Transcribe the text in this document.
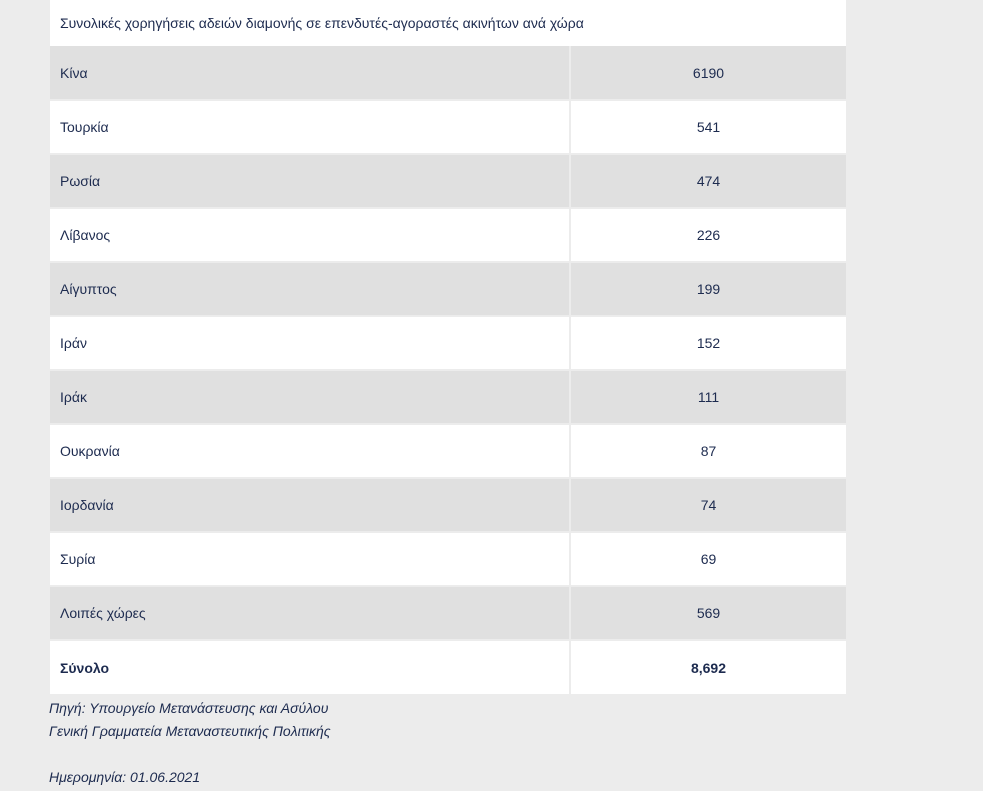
Συνολικές χορηγήσεις αδειών διαμονής σε επενδυτές-αγοραστές ακινήτων ανά χώρα
Κίνα	6190
Τουρκία	541
Ρωσία	474
Λίβανος	226
Αίγυπτος	199
Ιράν	152
Ιράκ	111
Ουκρανία	87
Ιορδανία	74
Συρία	69
Λοιπές χώρες	569
Σύνολο	8,692
Πηγή: Υπουργείο Μετανάστευσης και Ασύλου
Γενική Γραμματεία Μεταναστευτικής Πολιτικής
Ημερομηνία: 01.06.2021
